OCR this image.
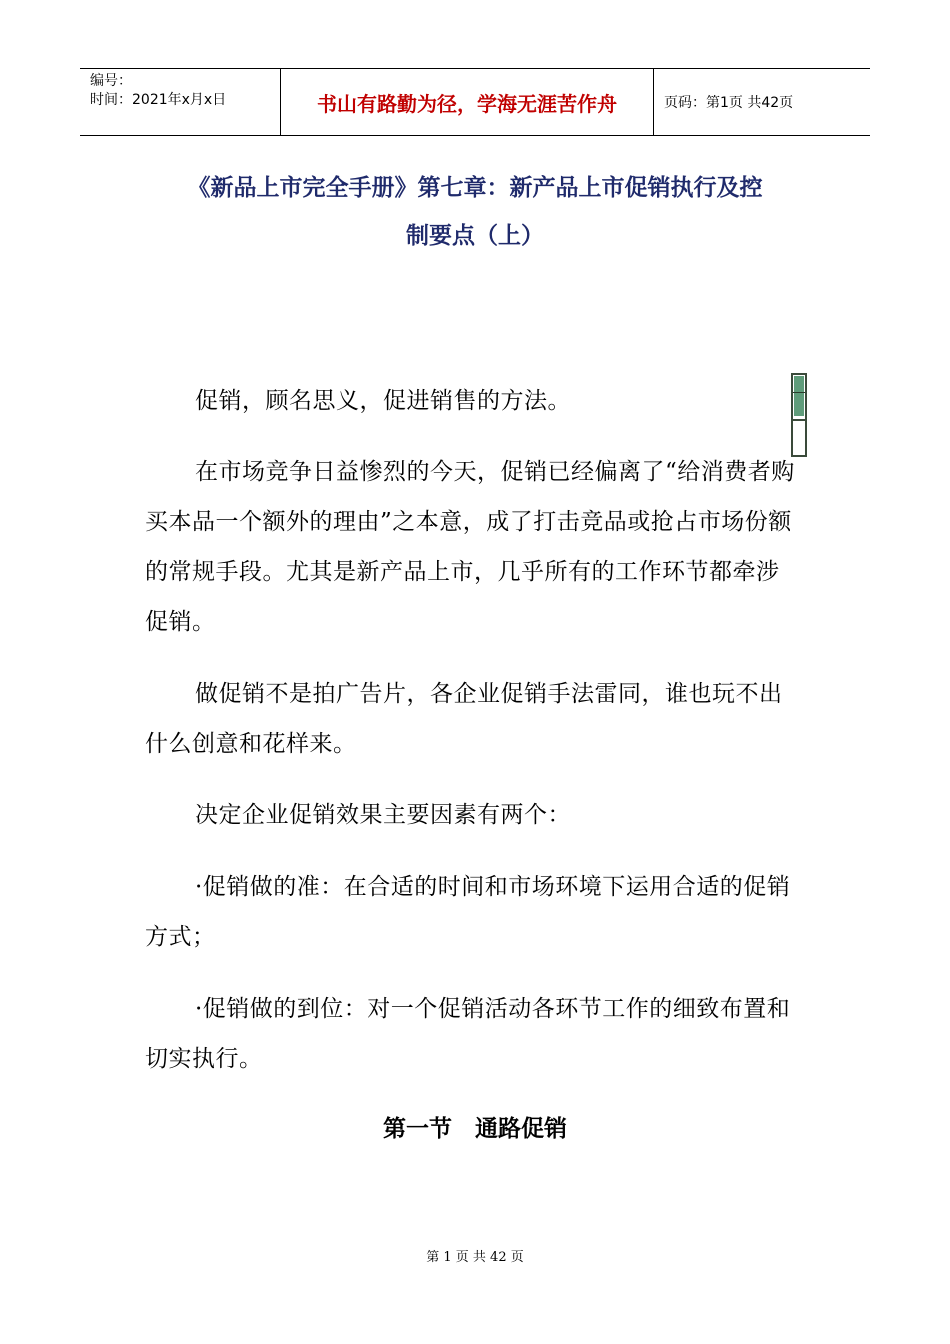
编号：
时间：2021年x月x日	书山有路勤为径，学海无涯苦作舟	页码：第1页 共42页
《新品上市完全手册》第七章：新产品上市促销执行及控
制要点（上）

促销，顾名思义，促进销售的方法。

在市场竞争日益惨烈的今天，促销已经偏离了“给消费者购买本品一个额外的理由”之本意，成了打击竞品或抢占市场份额的常规手段。尤其是新产品上市，几乎所有的工作环节都牵涉促销。

做促销不是拍广告片，各企业促销手法雷同，谁也玩不出什么创意和花样来。

决定企业促销效果主要因素有两个：

·促销做的准：在合适的时间和市场环境下运用合适的促销方式；

·促销做的到位：对一个促销活动各环节工作的细致布置和切实执行。

第一节　通路促销
第 1 页 共 42 页
